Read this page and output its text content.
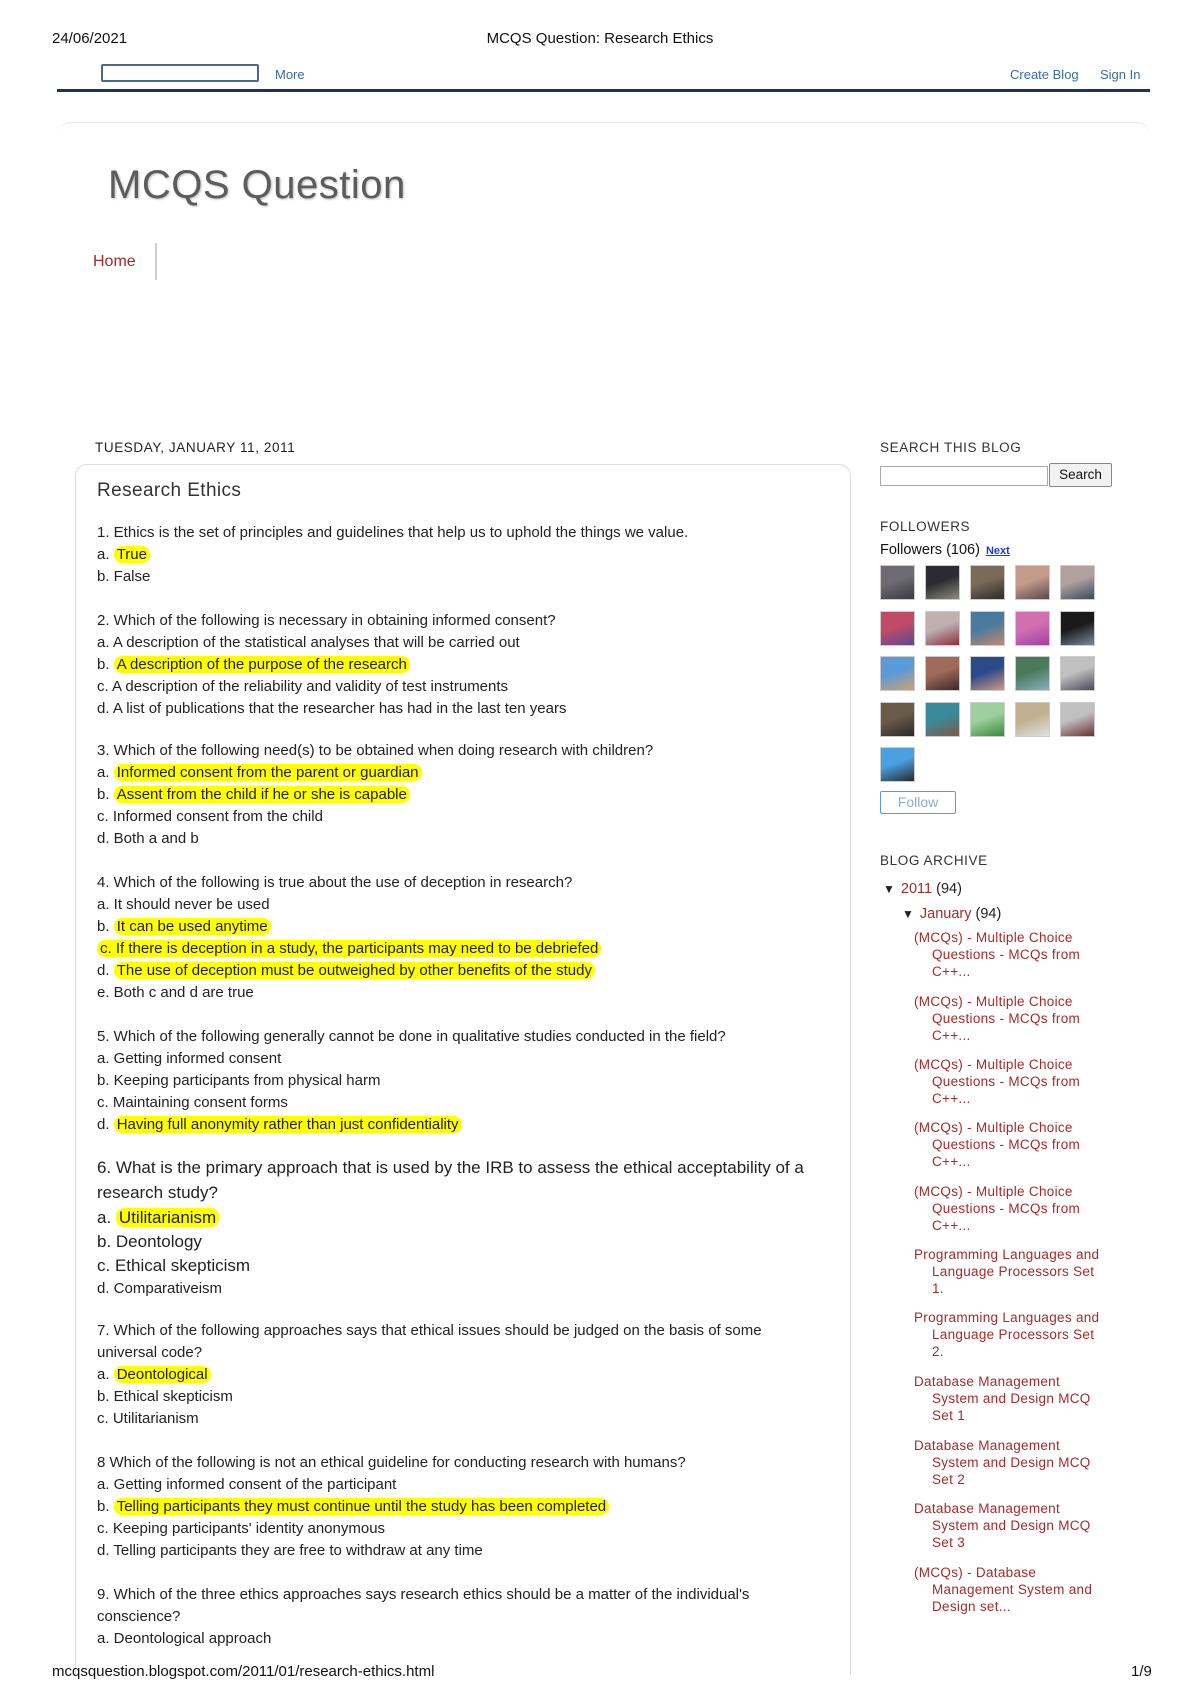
24/06/2021	MCQS Question: Research Ethics
More	Create Blog Sign In
MCQS Question
Home
TUESDAY, JANUARY 11, 2011
Research Ethics
1. Ethics is the set of principles and guidelines that help us to uphold the things we value.
a. True
b. False
2. Which of the following is necessary in obtaining informed consent?
a. A description of the statistical analyses that will be carried out
b. A description of the purpose of the research
c. A description of the reliability and validity of test instruments
d. A list of publications that the researcher has had in the last ten years
3. Which of the following need(s) to be obtained when doing research with children?
a. Informed consent from the parent or guardian
b. Assent from the child if he or she is capable
c. Informed consent from the child
d. Both a and b
4. Which of the following is true about the use of deception in research?
a. It should never be used
b. It can be used anytime
c. If there is deception in a study, the participants may need to be debriefed
d. The use of deception must be outweighed by other benefits of the study
e. Both c and d are true
5. Which of the following generally cannot be done in qualitative studies conducted in the field?
a. Getting informed consent
b. Keeping participants from physical harm
c. Maintaining consent forms
d. Having full anonymity rather than just confidentiality
6. What is the primary approach that is used by the IRB to assess the ethical acceptability of a
research study?
a. Utilitarianism
b. Deontology
c. Ethical skepticism
d. Comparativeism
7. Which of the following approaches says that ethical issues should be judged on the basis of some
universal code?
a. Deontological
b. Ethical skepticism
c. Utilitarianism
8 Which of the following is not an ethical guideline for conducting research with humans?
a. Getting informed consent of the participant
b. Telling participants they must continue until the study has been completed
c. Keeping participants' identity anonymous
d. Telling participants they are free to withdraw at any time
9. Which of the three ethics approaches says research ethics should be a matter of the individual's
conscience?
a. Deontological approach
SEARCH THIS BLOG
Search
FOLLOWERS
Followers (106) Next
Follow
BLOG ARCHIVE
▼ 2011 (94)
▼ January (94)
(MCQs) - Multiple Choice
Questions - MCQs from
C++...
(MCQs) - Multiple Choice
Questions - MCQs from
C++...
(MCQs) - Multiple Choice
Questions - MCQs from
C++...
(MCQs) - Multiple Choice
Questions - MCQs from
C++...
(MCQs) - Multiple Choice
Questions - MCQs from
C++...
Programming Languages and
Language Processors Set
1.
Programming Languages and
Language Processors Set
2.
Database Management
System and Design MCQ
Set 1
Database Management
System and Design MCQ
Set 2
Database Management
System and Design MCQ
Set 3
(MCQs) - Database
Management System and
Design set...
mcqsquestion.blogspot.com/2011/01/research-ethics.html	1/9
